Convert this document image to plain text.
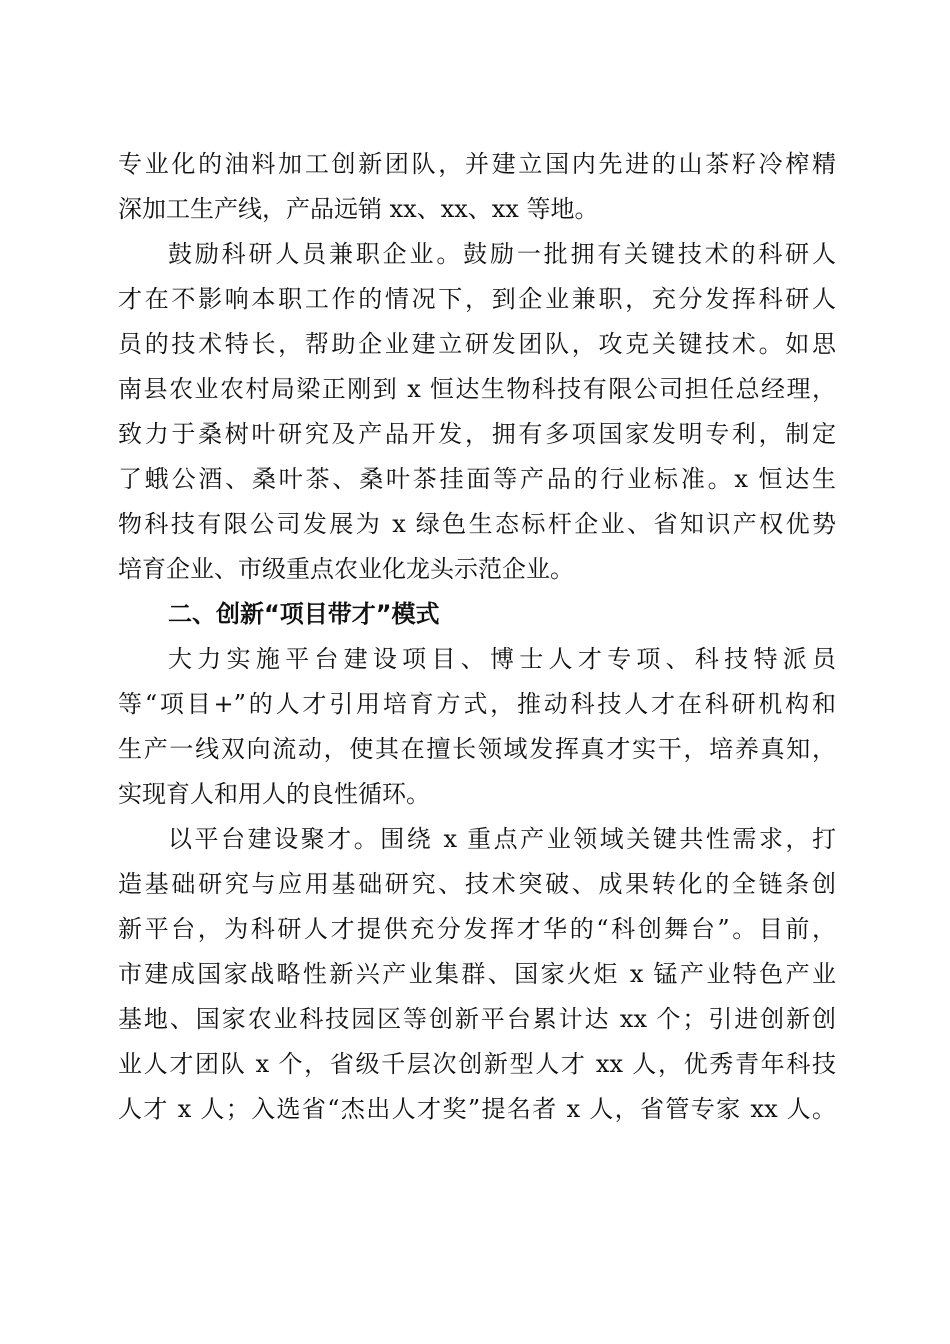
专业化的油料加工创新团队，并建立国内先进的山茶籽冷榨精
深加工生产线，产品远销 xx、xx、xx 等地。
鼓励科研人员兼职企业。鼓励一批拥有关键技术的科研人
才在不影响本职工作的情况下，到企业兼职，充分发挥科研人
员的技术特长，帮助企业建立研发团队，攻克关键技术。如思
南县农业农村局梁正刚到 x 恒达生物科技有限公司担任总经理，
致力于桑树叶研究及产品开发，拥有多项国家发明专利，制定
了蛾公酒、桑叶茶、桑叶茶挂面等产品的行业标准。x 恒达生
物科技有限公司发展为 x 绿色生态标杆企业、省知识产权优势
培育企业、市级重点农业化龙头示范企业。
二、创新“项目带才”模式
大力实施平台建设项目、博士人才专项、科技特派员
等“项目+”的人才引用培育方式，推动科技人才在科研机构和
生产一线双向流动，使其在擅长领域发挥真才实干，培养真知，
实现育人和用人的良性循环。
以平台建设聚才。围绕 x 重点产业领域关键共性需求，打
造基础研究与应用基础研究、技术突破、成果转化的全链条创
新平台，为科研人才提供充分发挥才华的“科创舞台”。目前，
市建成国家战略性新兴产业集群、国家火炬 x 锰产业特色产业
基地、国家农业科技园区等创新平台累计达 xx 个；引进创新创
业人才团队 x 个，省级千层次创新型人才 xx 人，优秀青年科技
人才 x 人；入选省“杰出人才奖”提名者 x 人，省管专家 xx 人。
